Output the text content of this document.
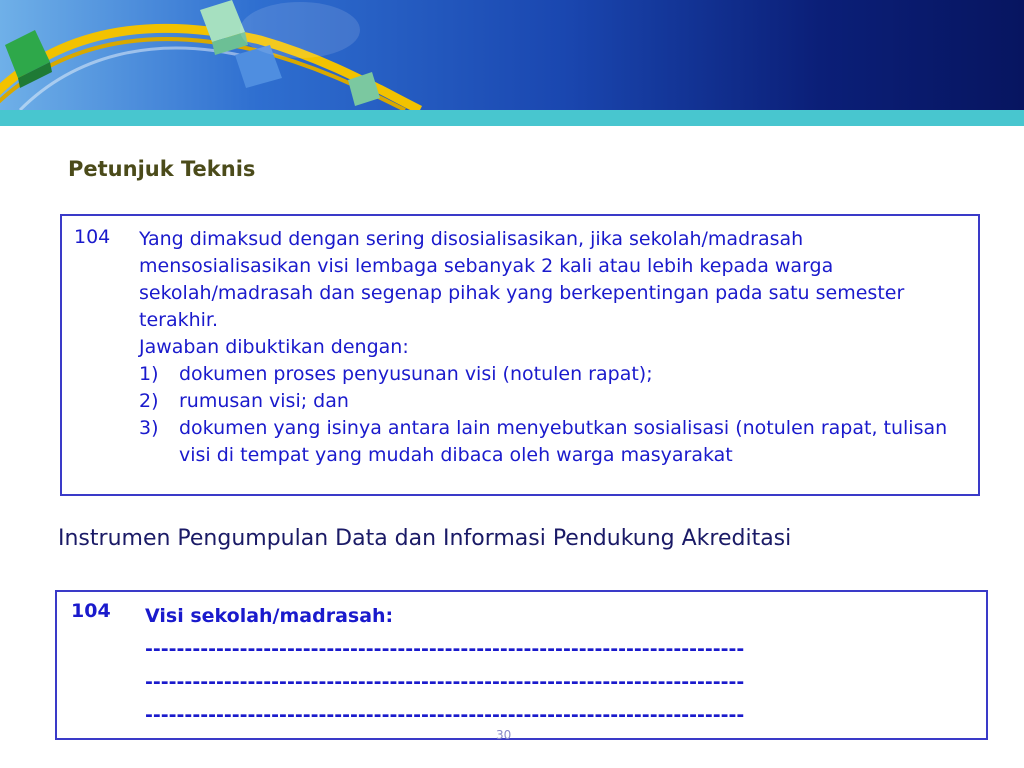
Petunjuk Teknis
104 Yang dimaksud dengan sering disosialisasikan, jika sekolah/madrasah mensosialisasikan visi lembaga sebanyak 2 kali atau lebih kepada warga sekolah/madrasah dan segenap pihak yang berkepentingan pada satu semester terakhir.
Jawaban dibuktikan dengan:
1)	dokumen proses penyusunan visi (notulen rapat);
2)	rumusan visi; dan
3)	dokumen yang isinya antara lain menyebutkan sosialisasi (notulen rapat, tulisan visi di tempat yang mudah dibaca oleh warga masyarakat
Instrumen Pengumpulan Data dan Informasi Pendukung Akreditasi
104 Visi sekolah/madrasah:
----------------------------------------------------------------------------
----------------------------------------------------------------------------
----------------------------------------------------------------------------
30
